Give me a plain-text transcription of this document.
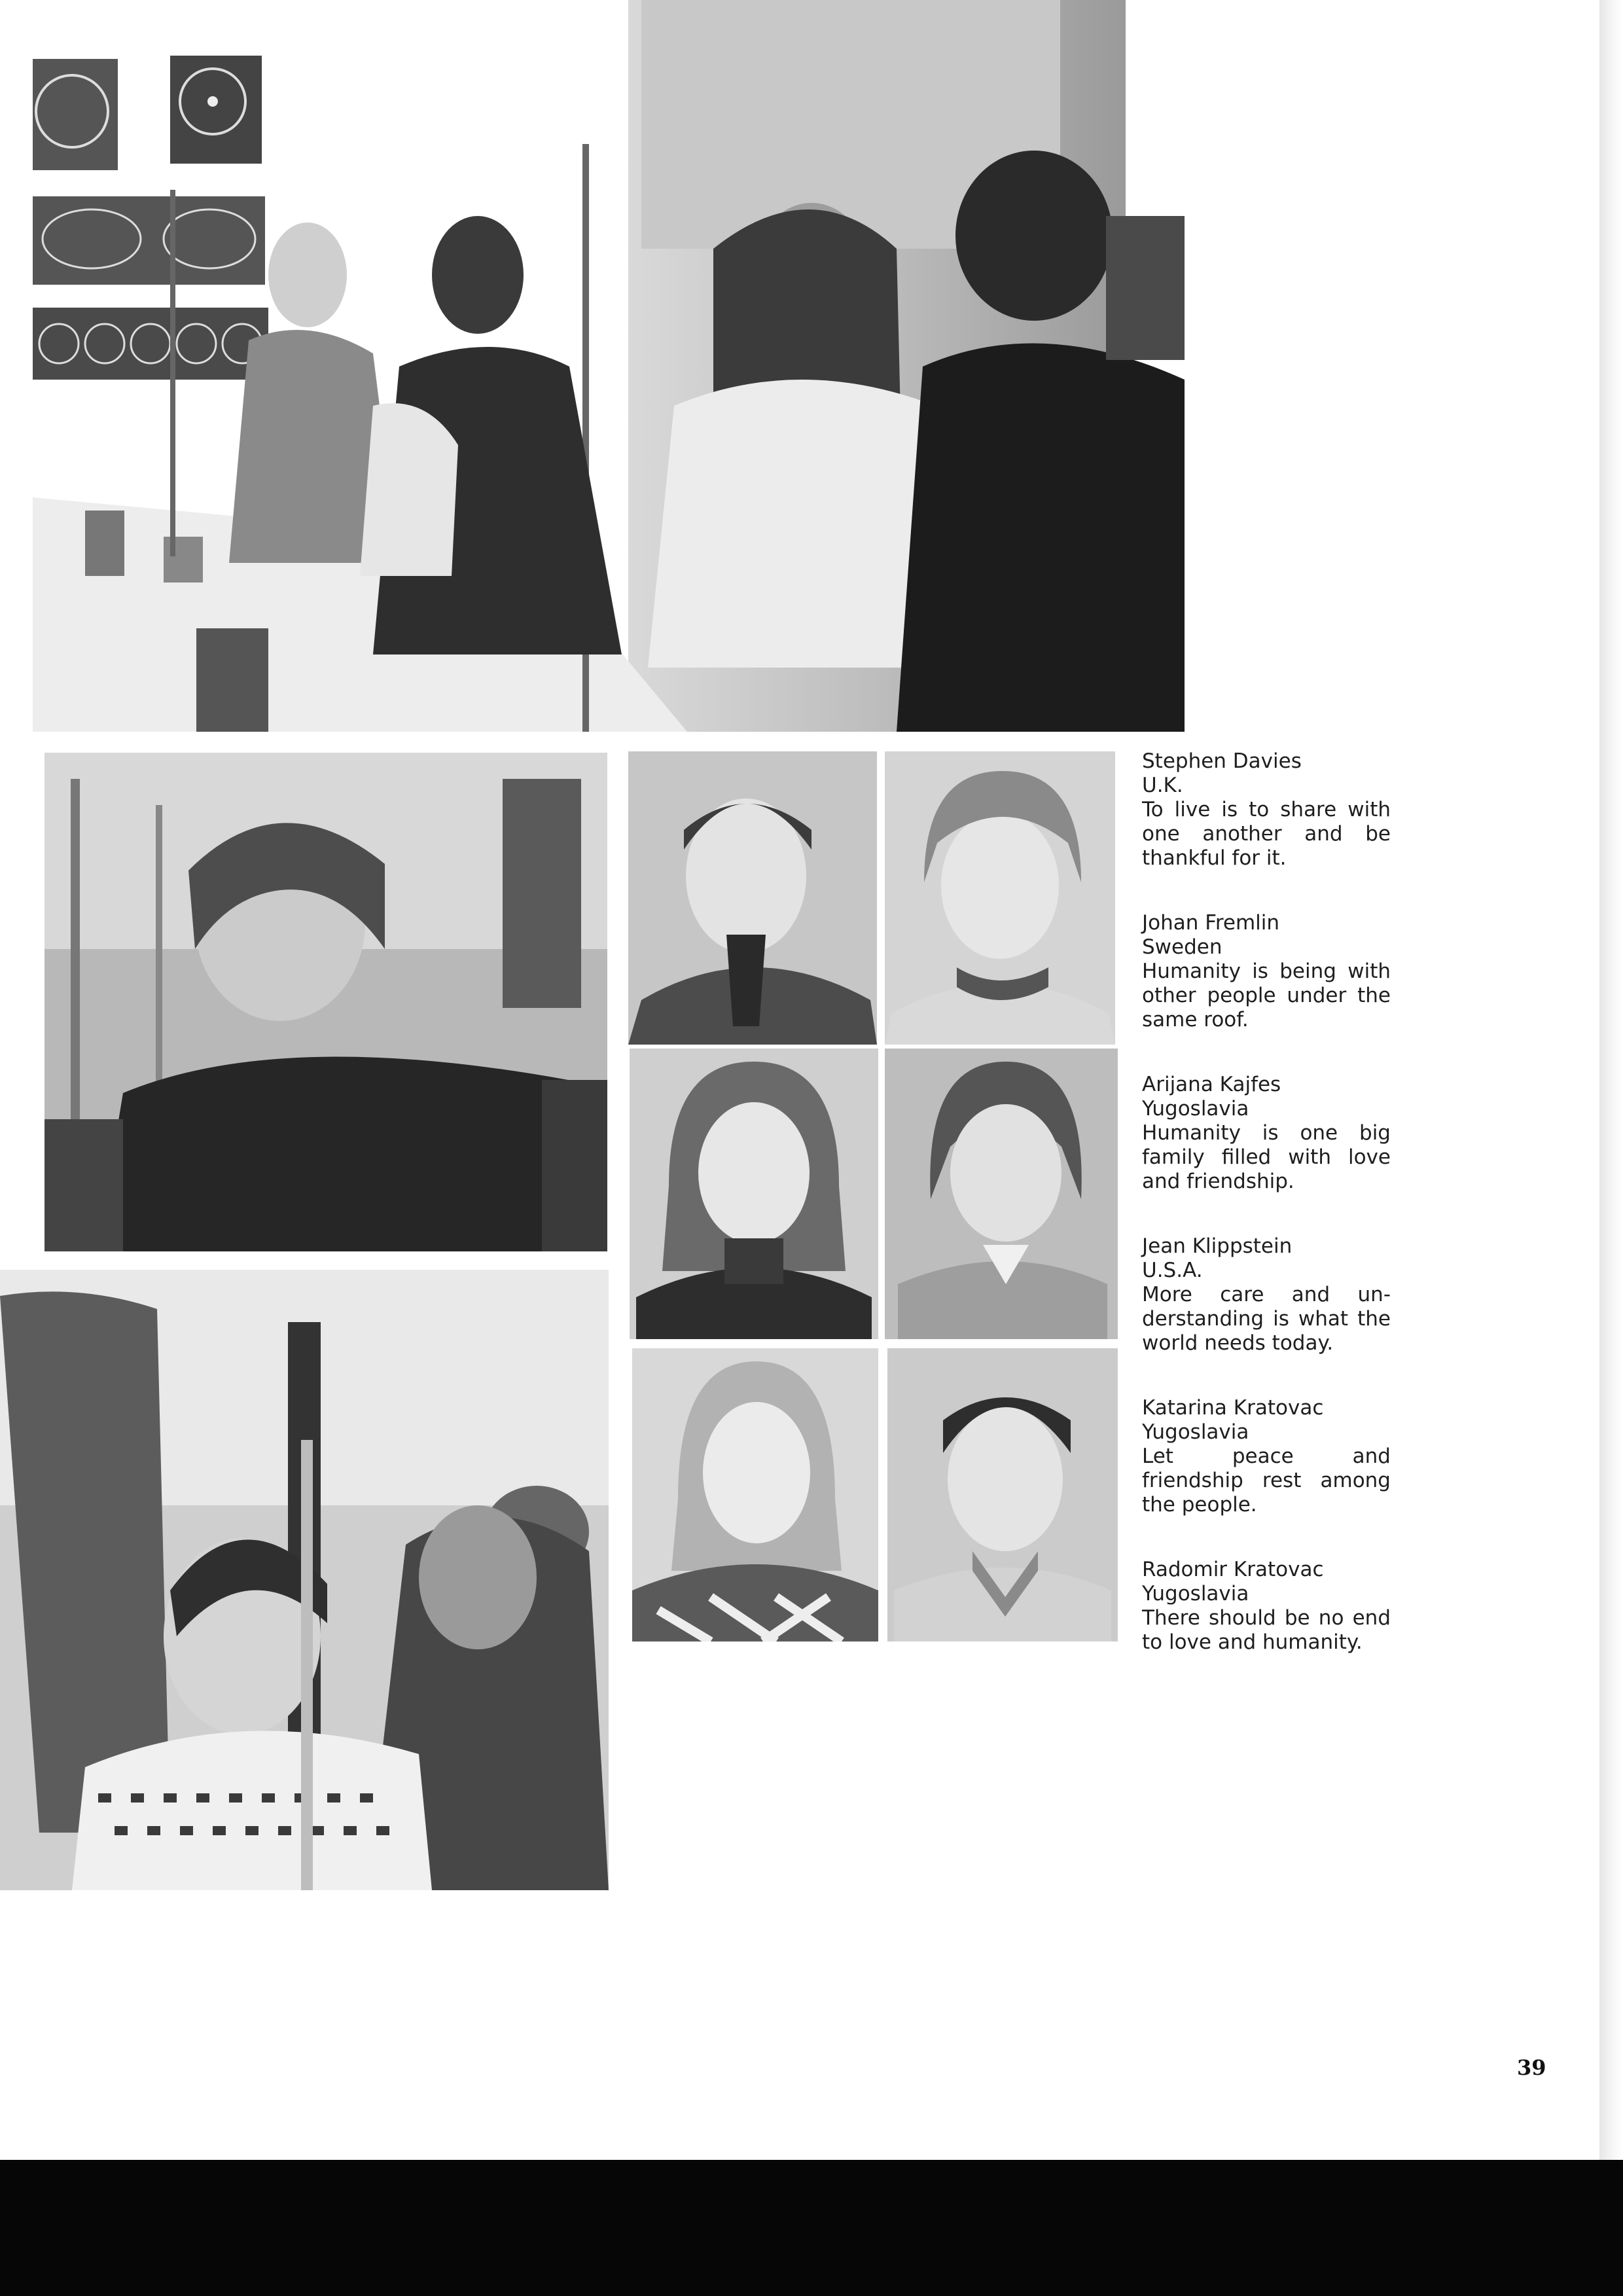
Stephen Davies
U.K.
To live is to share with one another and be thankful for it.
Johan Fremlin
Sweden
Humanity is being with other people under the same roof.
Arijana Kajfes
Yugoslavia
Humanity is one big family filled with love and friendship.
Jean Klippstein
U.S.A.
More care and un-derstanding is what the world needs today.
Katarina Kratovac
Yugoslavia
Let peace and friendship rest among the people.
Radomir Kratovac
Yugoslavia
There should be no end to love and humanity.
39
